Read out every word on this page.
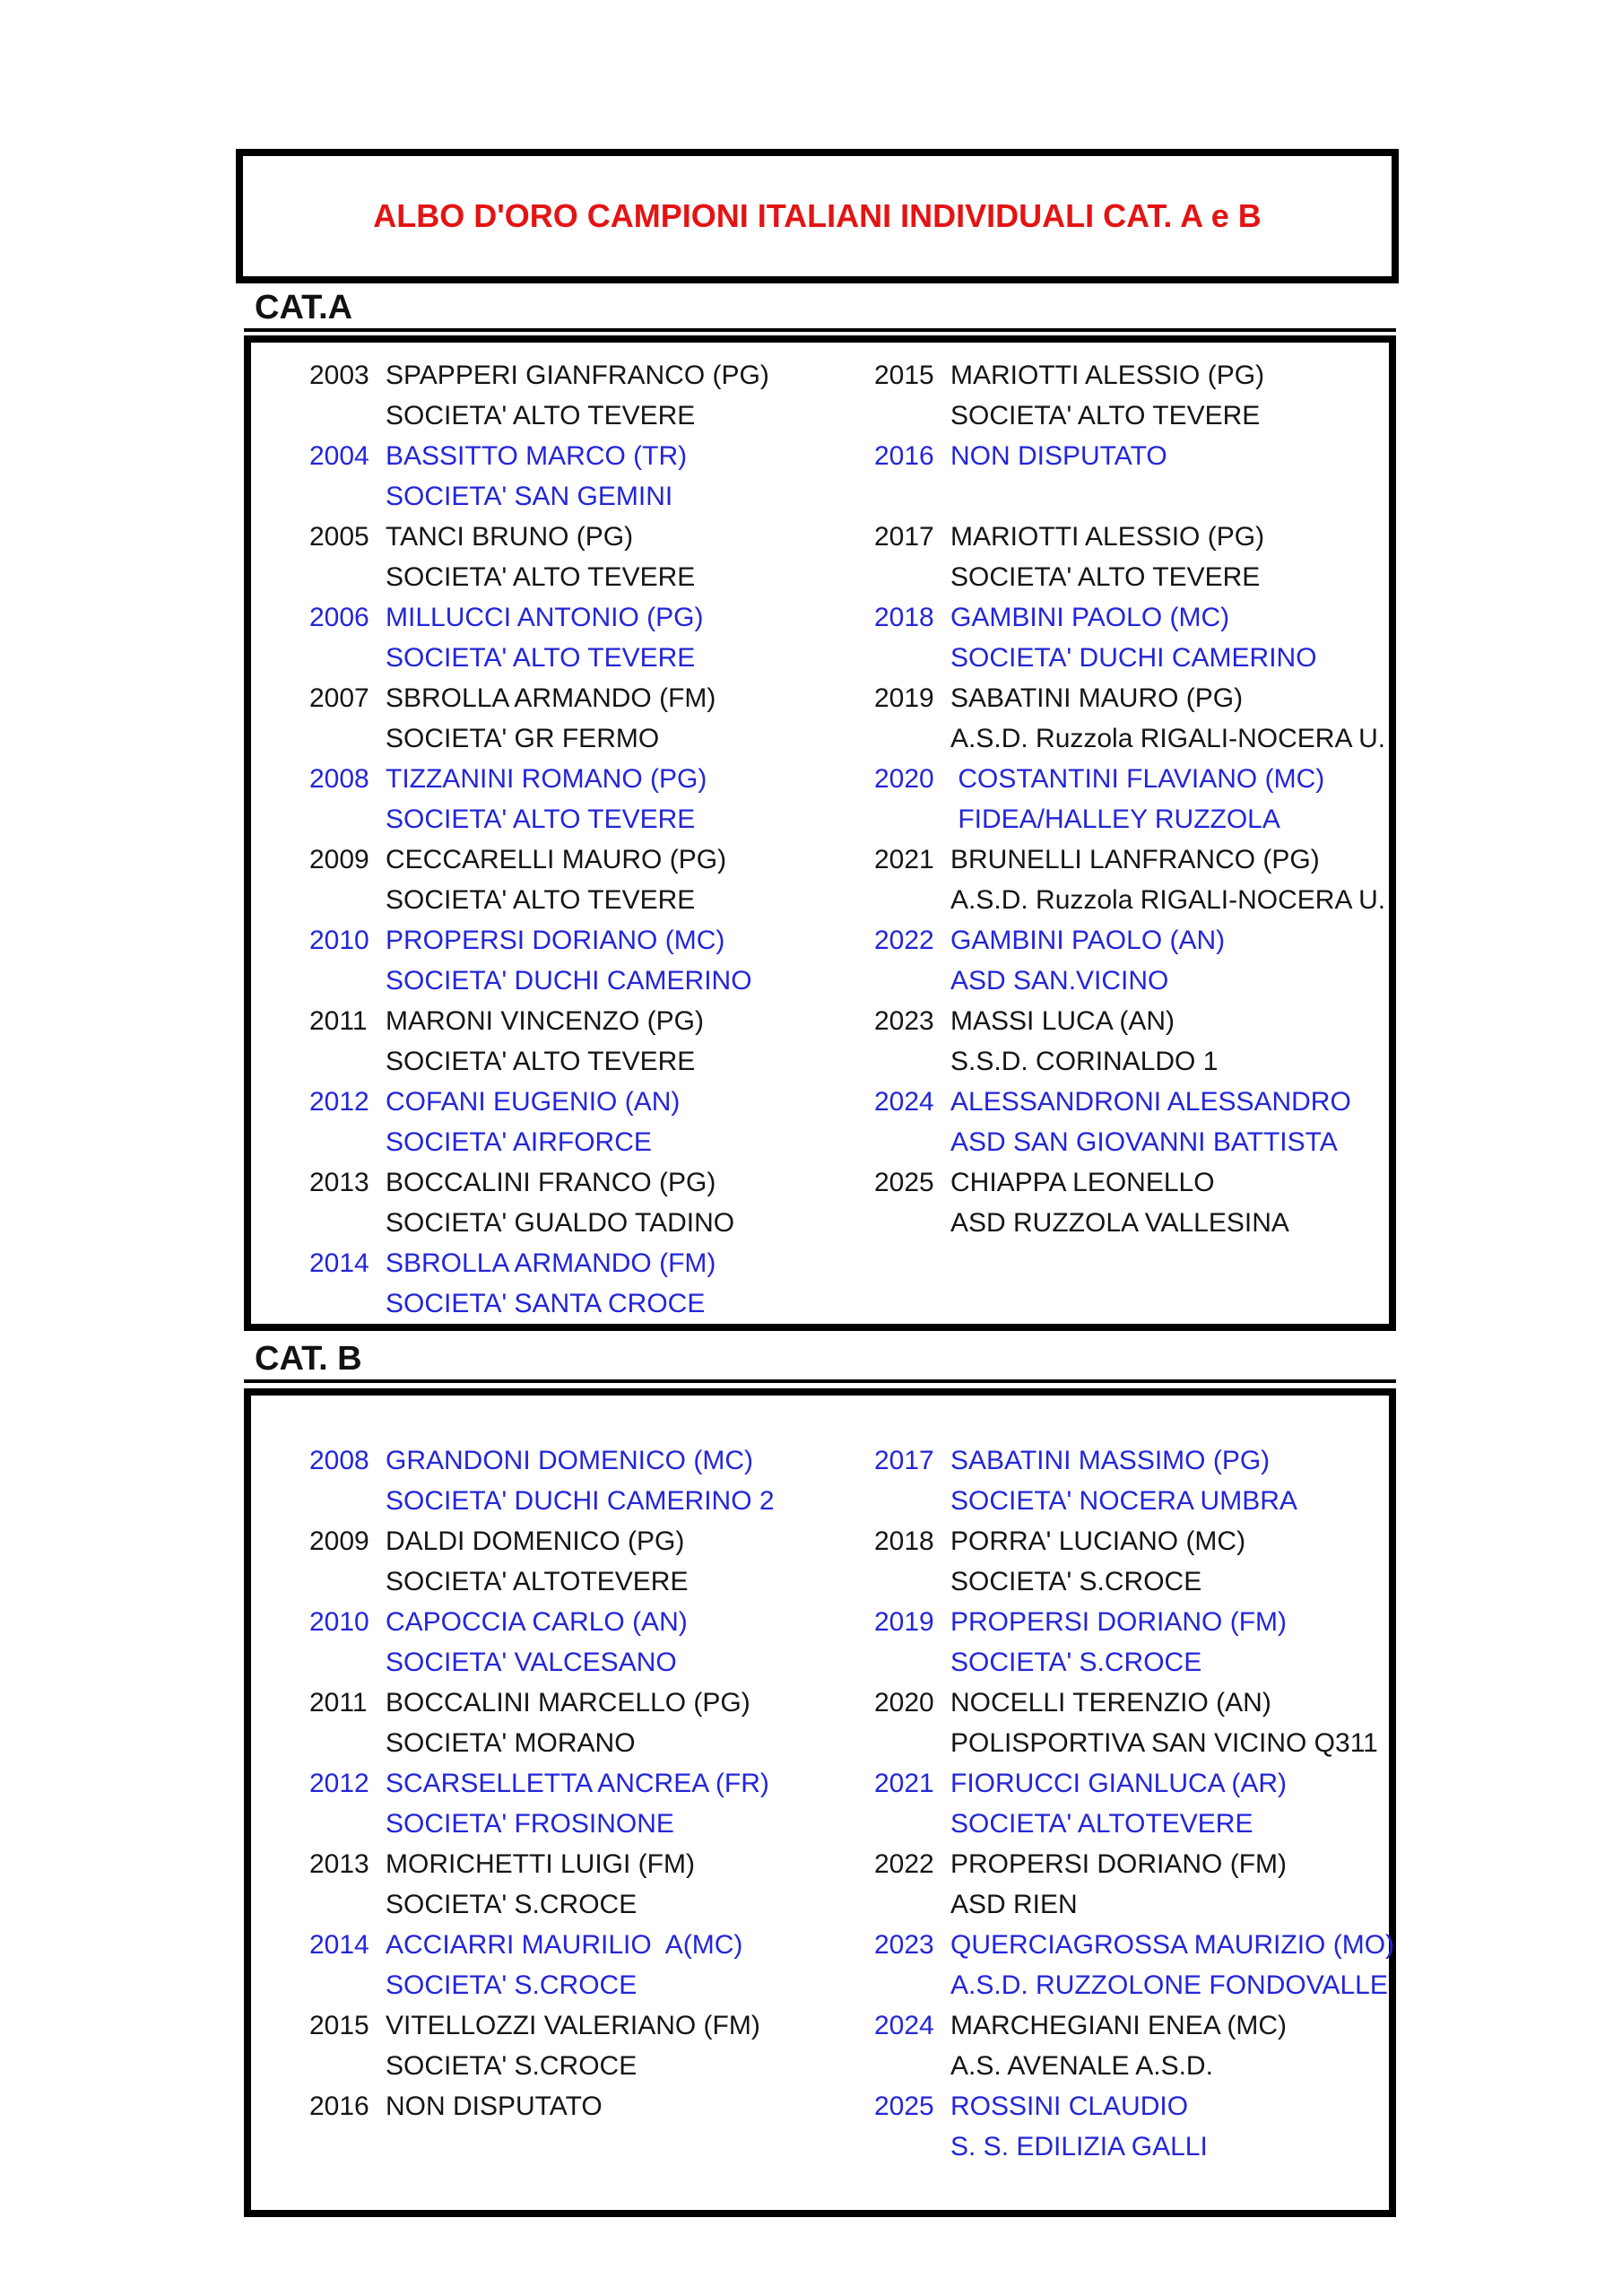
ALBO D'ORO CAMPIONI ITALIANI INDIVIDUALI CAT. A e B
CAT.A
2003 SPAPPERI GIANFRANCO (PG)
SOCIETA' ALTO TEVERE
2004 BASSITTO MARCO (TR)
SOCIETA' SAN GEMINI
2005 TANCI BRUNO (PG)
SOCIETA' ALTO TEVERE
2006 MILLUCCI ANTONIO (PG)
SOCIETA' ALTO TEVERE
2007 SBROLLA ARMANDO (FM)
SOCIETA' GR FERMO
2008 TIZZANINI ROMANO (PG)
SOCIETA' ALTO TEVERE
2009 CECCARELLI MAURO (PG)
SOCIETA' ALTO TEVERE
2010 PROPERSI DORIANO (MC)
SOCIETA' DUCHI CAMERINO
2011 MARONI VINCENZO (PG)
SOCIETA' ALTO TEVERE
2012 COFANI EUGENIO (AN)
SOCIETA' AIRFORCE
2013 BOCCALINI FRANCO (PG)
SOCIETA' GUALDO TADINO
2014 SBROLLA ARMANDO (FM)
SOCIETA' SANTA CROCE
2015 MARIOTTI ALESSIO (PG)
SOCIETA' ALTO TEVERE
2016 NON DISPUTATO
2017 MARIOTTI ALESSIO (PG)
SOCIETA' ALTO TEVERE
2018 GAMBINI PAOLO (MC)
SOCIETA' DUCHI CAMERINO
2019 SABATINI MAURO (PG)
A.S.D. Ruzzola RIGALI-NOCERA U.
2020 COSTANTINI FLAVIANO (MC)
FIDEA/HALLEY RUZZOLA
2021 BRUNELLI LANFRANCO (PG)
A.S.D. Ruzzola RIGALI-NOCERA U.
2022 GAMBINI PAOLO (AN)
ASD SAN.VICINO
2023 MASSI LUCA (AN)
S.S.D. CORINALDO 1
2024 ALESSANDRONI ALESSANDRO
ASD SAN GIOVANNI BATTISTA
2025 CHIAPPA LEONELLO
ASD RUZZOLA VALLESINA
CAT. B
2008 GRANDONI DOMENICO (MC)
SOCIETA' DUCHI CAMERINO 2
2009 DALDI DOMENICO (PG)
SOCIETA' ALTOTEVERE
2010 CAPOCCIA CARLO (AN)
SOCIETA' VALCESANO
2011 BOCCALINI MARCELLO (PG)
SOCIETA' MORANO
2012 SCARSELLETTA ANCREA (FR)
SOCIETA' FROSINONE
2013 MORICHETTI LUIGI (FM)
SOCIETA' S.CROCE
2014 ACCIARRI MAURILIO  A(MC)
SOCIETA' S.CROCE
2015 VITELLOZZI VALERIANO (FM)
SOCIETA' S.CROCE
2016 NON DISPUTATO
2017 SABATINI MASSIMO (PG)
SOCIETA' NOCERA UMBRA
2018 PORRA' LUCIANO (MC)
SOCIETA' S.CROCE
2019 PROPERSI DORIANO (FM)
SOCIETA' S.CROCE
2020 NOCELLI TERENZIO (AN)
POLISPORTIVA SAN VICINO Q311
2021 FIORUCCI GIANLUCA (AR)
SOCIETA' ALTOTEVERE
2022 PROPERSI DORIANO (FM)
ASD RIEN
2023 QUERCIAGROSSA MAURIZIO (MO)
A.S.D. RUZZOLONE FONDOVALLE
2024 MARCHEGIANI ENEA (MC)
A.S. AVENALE A.S.D.
2025 ROSSINI CLAUDIO
S. S. EDILIZIA GALLI
